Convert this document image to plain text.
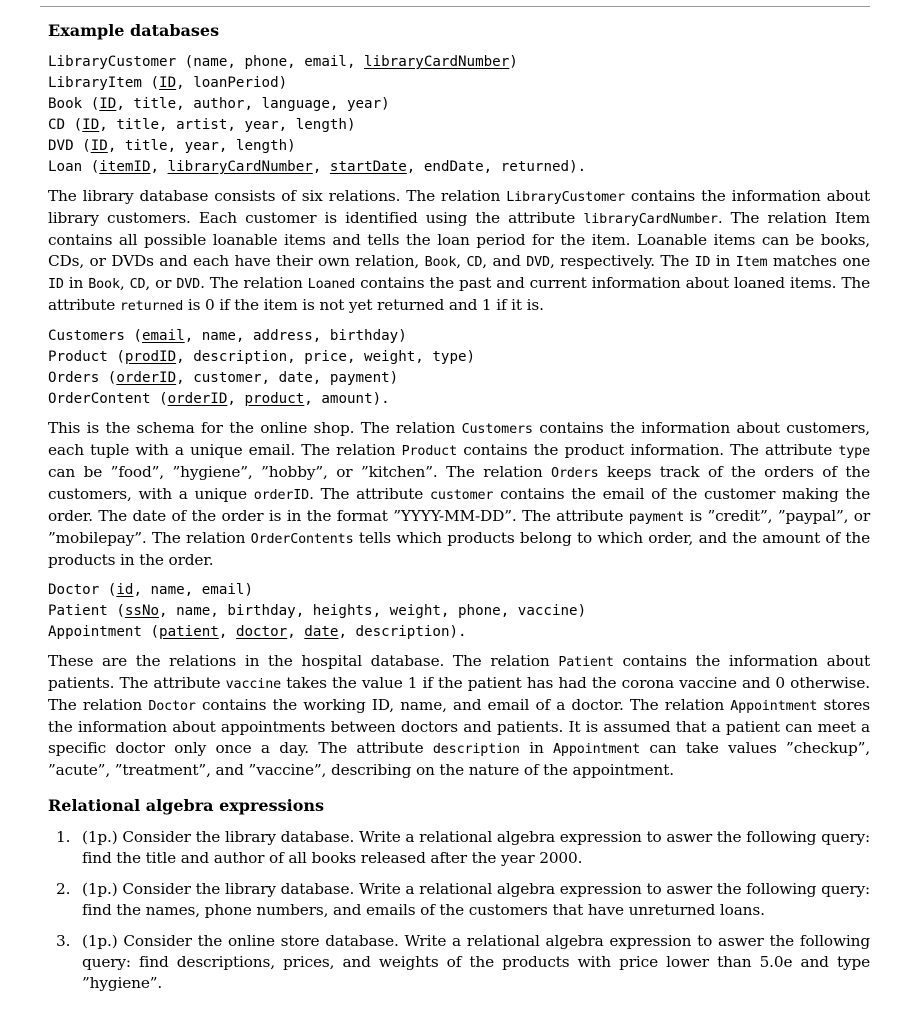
Example databases
LibraryCustomer (name, phone, email, libraryCardNumber)
LibraryItem (ID, loanPeriod)
Book (ID, title, author, language, year)
CD (ID, title, artist, year, length)
DVD (ID, title, year, length)
Loan (itemID, libraryCardNumber, startDate, endDate, returned).

The library database consists of six relations. The relation LibraryCustomer contains the information about library customers. Each customer is identified using the attribute libraryCardNumber. The relation Item contains all possible loanable items and tells the loan period for the item. Loanable items can be books, CDs, or DVDs and each have their own relation, Book, CD, and DVD, respectively. The ID in Item matches one ID in Book, CD, or DVD. The relation Loaned contains the past and current information about loaned items. The attribute returned is 0 if the item is not yet returned and 1 if it is.

Customers (email, name, address, birthday)
Product (prodID, description, price, weight, type)
Orders (orderID, customer, date, payment)
OrderContent (orderID, product, amount).

This is the schema for the online shop. The relation Customers contains the information about customers, each tuple with a unique email. The relation Product contains the product information. The attribute type can be ”food”, ”hygiene”, ”hobby”, or ”kitchen”. The relation Orders keeps track of the orders of the customers, with a unique orderID. The attribute customer contains the email of the customer making the order. The date of the order is in the format ”YYYY-MM-DD”. The attribute payment is ”credit”, ”paypal”, or ”mobilepay”. The relation OrderContents tells which products belong to which order, and the amount of the products in the order.

Doctor (id, name, email)
Patient (ssNo, name, birthday, heights, weight, phone, vaccine)
Appointment (patient, doctor, date, description).

These are the relations in the hospital database. The relation Patient contains the information about patients. The attribute vaccine takes the value 1 if the patient has had the corona vaccine and 0 otherwise. The relation Doctor contains the working ID, name, and email of a doctor. The relation Appointment stores the information about appointments between doctors and patients. It is assumed that a patient can meet a specific doctor only once a day. The attribute description in Appointment can take values ”checkup”, ”acute”, ”treatment”, and ”vaccine”, describing on the nature of the appointment.

Relational algebra expressions
1. (1p.) Consider the library database. Write a relational algebra expression to aswer the following query: find the title and author of all books released after the year 2000.
2. (1p.) Consider the library database. Write a relational algebra expression to aswer the following query: find the names, phone numbers, and emails of the customers that have unreturned loans.
3. (1p.) Consider the online store database. Write a relational algebra expression to aswer the following query: find descriptions, prices, and weights of the products with price lower than 5.0e and type ”hygiene”.
